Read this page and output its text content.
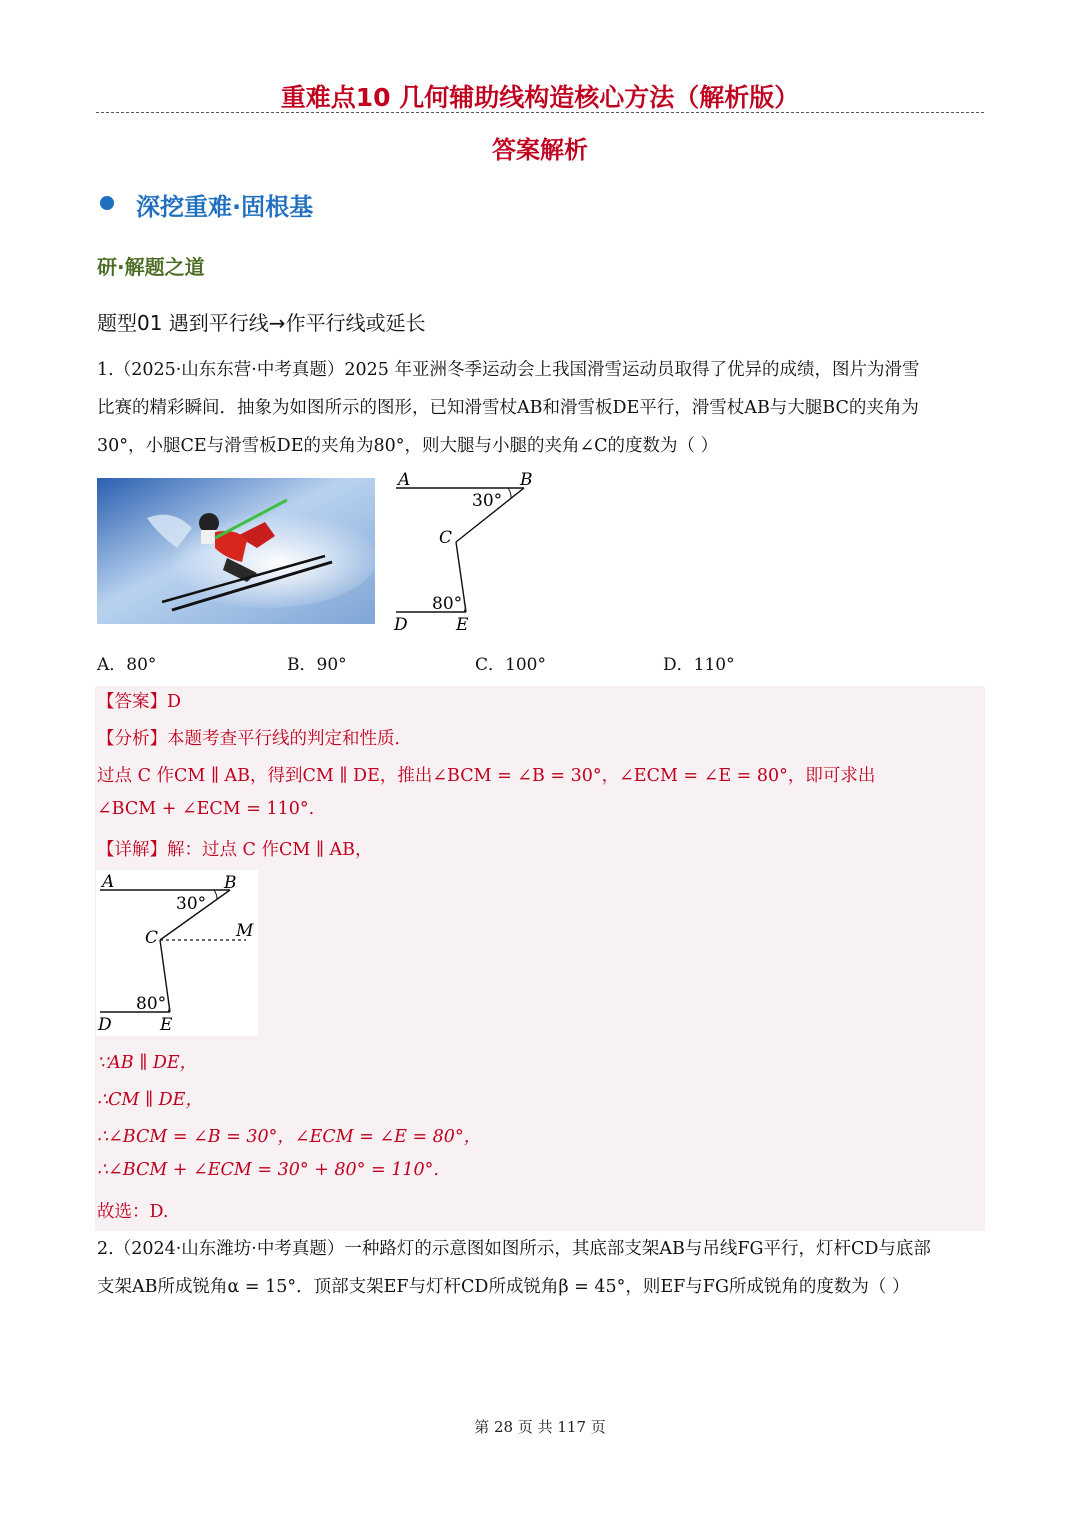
重难点10 几何辅助线构造核心方法（解析版）
答案解析
深挖重难·固根基
研·解题之道
题型01 遇到平行线→作平行线或延长
1.（2025·山东东营·中考真题）2025 年亚洲冬季运动会上我国滑雪运动员取得了优异的成绩，图片为滑雪
比赛的精彩瞬间．抽象为如图所示的图形，已知滑雪杖AB和滑雪板DE平行，滑雪杖AB与大腿BC的夹角为
30°，小腿CE与滑雪板DE的夹角为80°，则大腿与小腿的夹角∠C的度数为（ ）
A	B
30°
C
80°
D	E
A．80°	B．90°	C．100°	D．110°
【答案】D
【分析】本题考查平行线的判定和性质．
过点 C 作CM ∥ AB，得到CM ∥ DE，推出∠BCM = ∠B = 30°，∠ECM = ∠E = 80°，即可求出
∠BCM + ∠ECM = 110°.
【详解】解：过点 C 作CM ∥ AB，
A	B
30°
C	M
80°
D	E
∵AB ∥ DE，
∴CM ∥ DE，
∴∠BCM = ∠B = 30°，∠ECM = ∠E = 80°，
∴∠BCM + ∠ECM = 30° + 80° = 110°.
故选：D.
2.（2024·山东潍坊·中考真题）一种路灯的示意图如图所示，其底部支架AB与吊线FG平行，灯杆CD与底部
支架AB所成锐角α = 15°．顶部支架EF与灯杆CD所成锐角β = 45°，则EF与FG所成锐角的度数为（ ）
第 28 页 共 117 页
